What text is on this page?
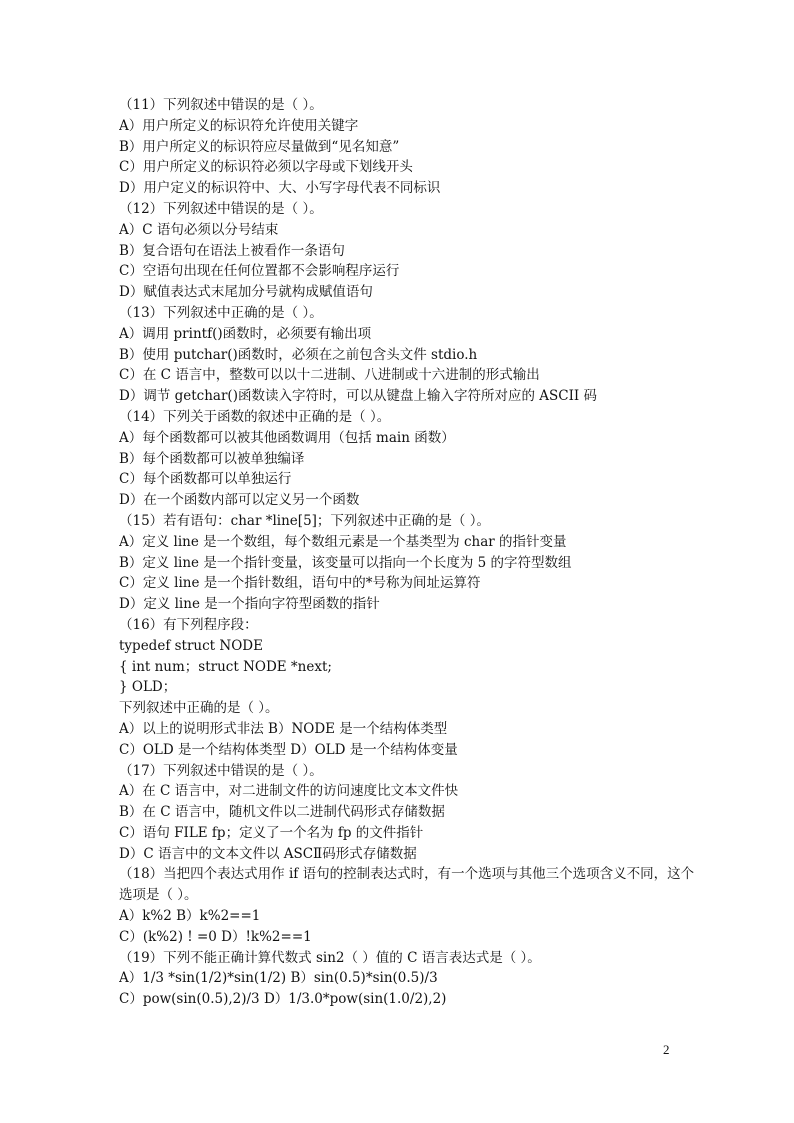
（11）下列叙述中错误的是（ ）。
A）用户所定义的标识符允许使用关键字
B）用户所定义的标识符应尽量做到“见名知意”
C）用户所定义的标识符必须以字母或下划线开头
D）用户定义的标识符中、大、小写字母代表不同标识
（12）下列叙述中错误的是（ ）。
A）C 语句必须以分号结束
B）复合语句在语法上被看作一条语句
C）空语句出现在任何位置都不会影响程序运行
D）赋值表达式末尾加分号就构成赋值语句
（13）下列叙述中正确的是（ ）。
A）调用 printf()函数时，必须要有输出项
B）使用 putchar()函数时，必须在之前包含头文件 stdio.h
C）在 C 语言中，整数可以以十二进制、八进制或十六进制的形式输出
D）调节 getchar()函数读入字符时，可以从键盘上输入字符所对应的 ASCII 码
（14）下列关于函数的叙述中正确的是（ ）。
A）每个函数都可以被其他函数调用（包括 main 函数）
B）每个函数都可以被单独编译
C）每个函数都可以单独运行
D）在一个函数内部可以定义另一个函数
（15）若有语句：char *line[5]；下列叙述中正确的是（ ）。
A）定义 line 是一个数组，每个数组元素是一个基类型为 char 的指针变量
B）定义 line 是一个指针变量，该变量可以指向一个长度为 5 的字符型数组
C）定义 line 是一个指针数组，语句中的*号称为间址运算符
D）定义 line 是一个指向字符型函数的指针
（16）有下列程序段：
typedef struct NODE
{ int num；struct NODE *next;
} OLD；
下列叙述中正确的是（ ）。
A）以上的说明形式非法 B）NODE 是一个结构体类型
C）OLD 是一个结构体类型 D）OLD 是一个结构体变量
（17）下列叙述中错误的是（ ）。
A）在 C 语言中，对二进制文件的访问速度比文本文件快
B）在 C 语言中，随机文件以二进制代码形式存储数据
C）语句 FILE fp；定义了一个名为 fp 的文件指针
D）C 语言中的文本文件以 ASCⅡ码形式存储数据
（18）当把四个表达式用作 if 语句的控制表达式时，有一个选项与其他三个选项含义不同，这个选项是（ ）。
A）k%2 B）k%2==1
C）(k%2) ! =0 D）!k%2==1
（19）下列不能正确计算代数式 sin2（ ）值的 C 语言表达式是（ ）。
A）1/3 *sin(1/2)*sin(1/2) B）sin(0.5)*sin(0.5)/3
C）pow(sin(0.5),2)/3 D）1/3.0*pow(sin(1.0/2),2)
2
